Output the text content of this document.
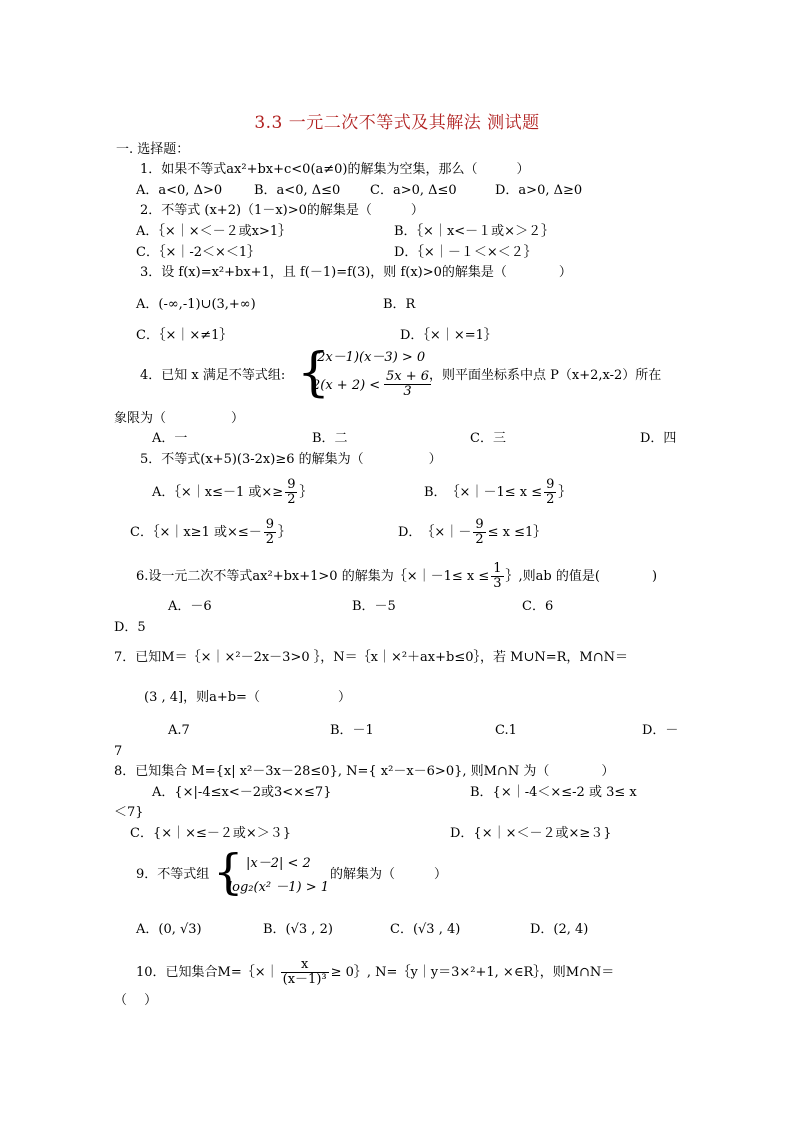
3.3 一元二次不等式及其解法 测试题
一. 选择题：
1．如果不等式ax²+bx+c<0(a≠0)的解集为空集，那么（　　　）
A．a<0, Δ>0 B．a<0, Δ≤0 C．a>0, Δ≤0	D．a>0, Δ≥0
2．不等式 (x+2)（1－x)>0的解集是（　　　）
A．｛×｜×＜－２或x>1｝	B．｛×｜x<－１或×＞２｝
C．｛×｜-2＜×＜1｝	D．｛×｜－１＜×＜２｝
3．设 f(x)=x²+bx+1，且 f(－1)=f(3)，则 f(x)>0的解集是（　　　　）
A．(-∞,-1)∪(3,+∞)	B．R
C．｛×｜×≠1｝	D．｛×｜×=1｝
4．已知 x 满足不等式组: {
(2x－1)(x－3) > 0
$2(x + 2) < \frac{5x + 6}{3}$
，则平面坐标系中点 P（x+2,x-2）所在
象限为（　　　　　）
A．一	B．二	C．三	D．四
5．不等式(x+5)(3-2x)≥6 的解集为（　　　　　）
A．｛×｜x≤－1 或×≥ $\frac{9}{2}$ ｝	B．　｛×｜－1≤ $x \le \frac{9}{2}$ ｝
C．｛×｜x≥1 或×≤－ $\frac{9}{2}$ ｝	D．　｛×｜－ $\frac{9}{2} \le x$ ≤1｝
6.设一元二次不等式ax²+bx+1>0 的解集为｛×｜－1≤ $x \le \frac{1}{3}$ ｝,则ab 的值是(　　　　)
A．－6	B．－5	C．6
D．5
7．已知M＝｛×｜×²－2x－3>0 ｝，N＝｛x｜×²＋ax+b≤0｝，若 M∪N=R，M∩N＝
(3 , 4]，则a+b=（　　　　　　）
A.7	B．－1	C.1	D．－
7
8．已知集合 M={x| x²－3x－28≤0}, N={ x²－x－6>0}, 则M∩N 为（　　　　）
A．{×|-4≤x<－2或3<×≤7}	B．{×｜-4＜×≤-2 或 3≤ x
＜7}
C．{×｜×≤－２或×＞３}	D．{×｜×＜－２或×≥３}
9．不等式组 { |x－2| < 2
log₂(x² －1) > 1
的解集为（　　　）
A．(0, √3)	B．(√3 , 2)	C．(√3 , 4)	D．(2, 4)
10．已知集合M=｛×｜ $\frac{x}{\text{(x－1)³}}$ ≥ 0｝, N=｛y｜y＝3×²+1, ×∈R｝，则M∩N＝
（　 ）
